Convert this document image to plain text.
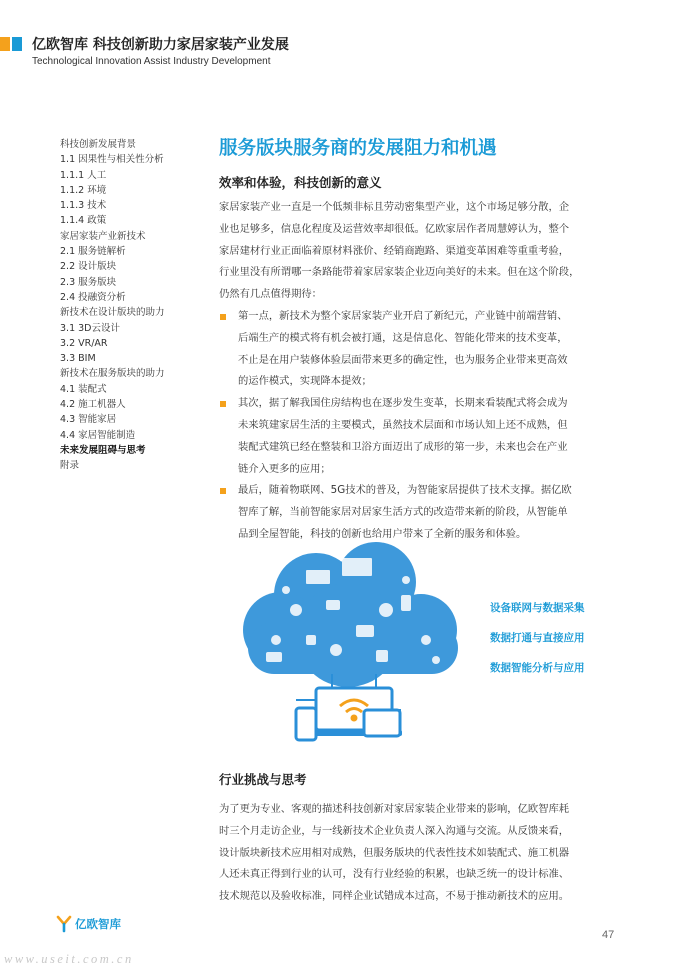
亿欧智库 科技创新助力家居家装产业发展
Technological Innovation Assist Industry Development
科技创新发展背景
1.1 因果性与相关性分析
1.1.1 人工
1.1.2 环境
1.1.3 技术
1.1.4 政策
家居家装产业新技术
2.1 服务链解析
2.2 设计版块
2.3 服务版块
2.4 投融资分析
新技术在设计版块的助力
3.1 3D云设计
3.2 VR/AR
3.3 BIM
新技术在服务版块的助力
4.1 装配式
4.2 施工机器人
4.3 智能家居
4.4 家居智能制造
未来发展阻碍与思考
附录
服务版块服务商的发展阻力和机遇
效率和体验，科技创新的意义
家居家装产业一直是一个低频非标且劳动密集型产业，这个市场足够分散，企
业也足够多，信息化程度及运营效率却很低。亿欧家居作者周慧婷认为，整个
家居建材行业正面临着原材料涨价、经销商跑路、渠道变革困难等重重考验，
行业里没有所谓哪一条路能带着家居家装企业迈向美好的未来。但在这个阶段，
仍然有几点值得期待：
第一点，新技术为整个家居家装产业开启了新纪元，产业链中前端营销、
后端生产的模式将有机会被打通，这是信息化、智能化带来的技术变革，
不止是在用户装修体验层面带来更多的确定性，也为服务企业带来更高效
的运作模式，实现降本提效；
其次，据了解我国住房结构也在逐步发生变革，长期来看装配式将会成为
未来筑建家居生活的主要模式，虽然技术层面和市场认知上还不成熟，但
装配式建筑已经在整装和卫浴方面迈出了成形的第一步，未来也会在产业
链介入更多的应用；
最后，随着物联网、5G技术的普及，为智能家居提供了技术支撑。据亿欧
智库了解，当前智能家居对居家生活方式的改造带来新的阶段，从智能单
品到全屋智能，科技的创新也给用户带来了全新的服务和体验。
设备联网与数据采集
数据打通与直接应用
数据智能分析与应用
行业挑战与思考
为了更为专业、客观的描述科技创新对家居家装企业带来的影响，亿欧智库耗
时三个月走访企业，与一线新技术企业负责人深入沟通与交流。从反馈来看，
设计版块新技术应用相对成熟，但服务版块的代表性技术如装配式、施工机器
人还未真正得到行业的认可，没有行业经验的积累，也缺乏统一的设计标准、
技术规范以及验收标准，同样企业试错成本过高，不易于推动新技术的应用。
亿欧智库
47
www.useit.com.cn
